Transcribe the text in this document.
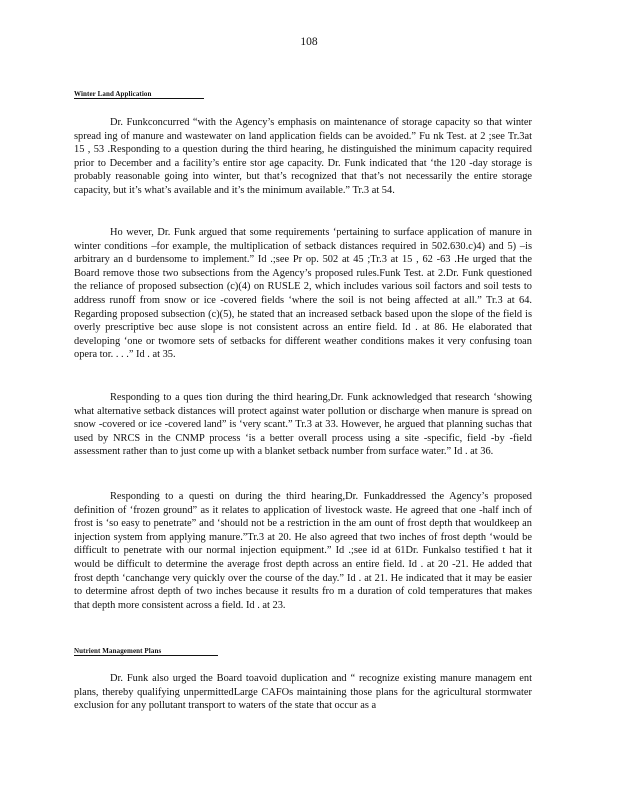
108
Winter Land Application

Dr. Funkconcurred “with the Agency’s emphasis on maintenance of storage capacity so that winter spread ing of manure and wastewater on land application fields can be avoided.” Fu nk Test. at 2 ;see Tr.3at 15 , 53 .Responding to a question during the third hearing, he distinguished the minimum capacity required prior to December and a facility’s entire stor age capacity. Dr. Funk indicated that ‘the 120 -day storage is probably reasonable going into winter, but that’s recognized that that’s not necessarily the entire storage capacity, but it’s what’s available and it’s the minimum available.” Tr.3 at 54.

Ho wever, Dr. Funk argued that some requirements ‘pertaining to surface application of manure in winter conditions –for example, the multiplication of setback distances required in 502.630.c)4) and 5) –is arbitrary an d burdensome to implement.” Id .;see Pr op. 502 at 45 ;Tr.3 at 15 , 62 -63 .He urged that the Board remove those two subsections from the Agency’s proposed rules.Funk Test. at 2.Dr. Funk questioned the reliance of proposed subsection (c)(4) on RUSLE 2, which includes various soil factors and soil tests to address runoff from snow or ice -covered fields ‘where the soil is not being affected at all.” Tr.3 at 64. Regarding proposed subsection (c)(5), he stated that an increased setback based upon the slope of the field is overly prescriptive bec ause slope is not consistent across an entire field. Id . at 86. He elaborated that developing ‘one or twomore sets of setbacks for different weather conditions makes it very confusing toan opera tor. . . .” Id . at 35.

Responding to a ques tion during the third hearing,Dr. Funk acknowledged that research ‘showing what alternative setback distances will protect against water pollution or discharge when manure is spread on snow -covered or ice -covered land” is ‘very scant.” Tr.3 at 33. However, he argued that planning suchas that used by NRCS in the CNMP process ‘is a better overall process using a site -specific, field -by -field assessment rather than to just come up with a blanket setback number from surface water.” Id . at 36.

Responding to a questi on during the third hearing,Dr. Funkaddressed the Agency’s proposed definition of ‘frozen ground” as it relates to application of livestock waste. He agreed that one -half inch of frost is ‘so easy to penetrate” and ‘should not be a restriction in the am ount of frost depth that wouldkeep an injection system from applying manure.”Tr.3 at 20. He also agreed that two inches of frost depth ‘would be difficult to penetrate with our normal injection equipment.” Id .;see id at 61Dr. Funkalso testified t hat it would be difficult to determine the average frost depth across an entire field. Id . at 20 -21. He added that frost depth ‘canchange very quickly over the course of the day.” Id . at 21. He indicated that it may be easier to determine afrost depth of two inches because it results fro m a duration of cold temperatures that makes that depth more consistent across a field. Id . at 23.

Nutrient Management Plans

Dr. Funk also urged the Board toavoid duplication and “ recognize existing manure managem ent plans, thereby qualifying unpermittedLarge CAFOs maintaining those plans for the agricultural stormwater exclusion for any pollutant transport to waters of the state that occur as a
